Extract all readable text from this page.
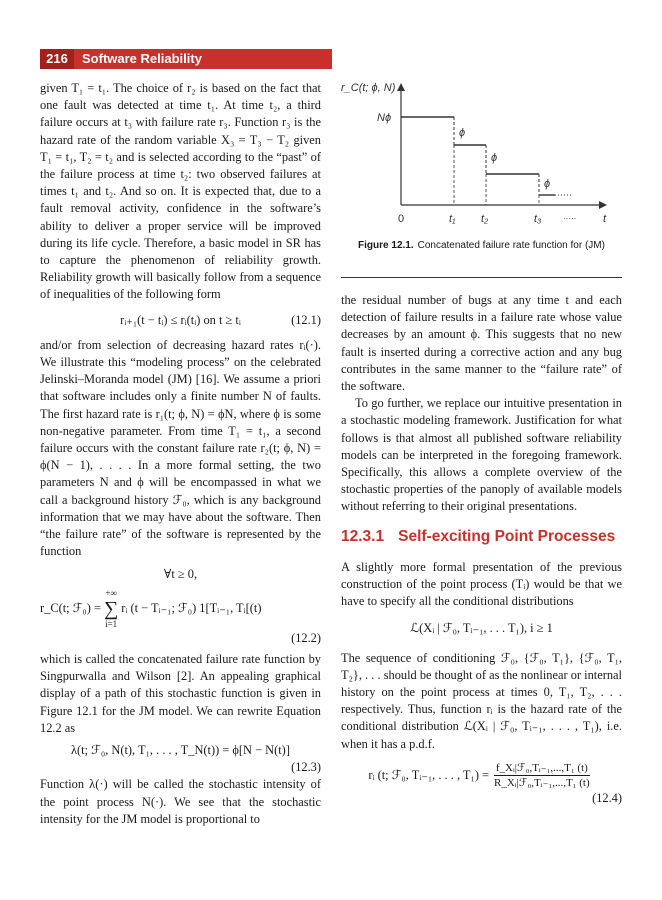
216	Software Reliability
r_C(t; ϕ, N)
Nϕ
ϕ
ϕ
ϕ
0	t₁ t₂	t₃	····· t
Figure 12.1. Concatenated failure rate function for (JM)

given T₁ = t₁. The choice of r₂ is based on the fact that one fault was detected at time t₁. At time t₂, a third failure occurs at t₃ with failure rate r₃. Function r₃ is the hazard rate of the random variable X₃ = T₃ − T₂ given T₁ = t₁, T₂ = t₂ and is selected according to the “past” of the failure process at time t₂: two observed failures at times t₁ and t₂. And so on. It is expected that, due to a fault removal activity, confidence in the software’s ability to deliver a proper service will be improved during its life cycle. Therefore, a basic model in SR has to capture the phenomenon of reliability growth. Reliability growth will basically follow from a sequence of inequalities of the following form

rᵢ₊₁(t − tᵢ) ≤ rᵢ(tᵢ) on t ≥ tᵢ	(12.1)

and/or from selection of decreasing hazard rates rᵢ(·). We illustrate this “modeling process” on the celebrated Jelinski–Moranda model (JM) [16]. We assume a priori that software includes only a finite number N of faults. The first hazard rate is r₁(t; ϕ, N) = ϕN, where ϕ is some non-negative parameter. From time T₁ = t₁, a second failure occurs with the constant failure rate r₂(t; ϕ, N) = ϕ(N − 1), . . . . In a more formal setting, the two parameters N and ϕ will be encompassed in what we call a background history ℱ₀, which is any background information that we may have about the software. Then “the failure rate” of the software is represented by the function

∀t ≥ 0,
r_C(t; ℱ₀) =
+∞
∑
i=1
rᵢ (t − Tᵢ₋₁; ℱ₀) 1[Tᵢ₋₁, Tᵢ[(t)
(12.2)

which is called the concatenated failure rate function by Singpurwalla and Wilson [2]. An appealing graphical display of a path of this stochastic function is given in Figure 12.1 for the JM model. We can rewrite Equation 12.2 as

λ(t; ℱ₀, N(t), T₁, . . . , T_N(t)) = ϕ[N − N(t)]
(12.3)

Function λ(·) will be called the stochastic intensity of the point process N(·). We see that the stochastic intensity for the JM model is proportional to

the residual number of bugs at any time t and each detection of failure results in a failure rate whose value decreases by an amount ϕ. This suggests that no new fault is inserted during a corrective action and any bug contributes in the same manner to the “failure rate” of the software.

To go further, we replace our intuitive presentation in a stochastic modeling framework. Justification for what follows is that almost all published software reliability models can be interpreted in the foregoing framework. Specifically, this allows a complete overview of the stochastic properties of the panoply of available models without referring to their original presentations.

12.3.1 Self-exciting Point Processes

A slightly more formal presentation of the previous construction of the point process (Tᵢ) would be that we have to specify all the conditional distributions

ℒ(Xᵢ | ℱ₀, Tᵢ₋₁, . . . T₁), i ≥ 1

The sequence of conditioning ℱ₀, {ℱ₀, T₁}, {ℱ₀, T₁, T₂}, . . . should be thought of as the nonlinear or internal history on the point process at times 0, T₁, T₂, . . . respectively. Thus, function rᵢ is the hazard rate of the conditional distribution ℒ(Xᵢ | ℱ₀, Tᵢ₋₁, . . . , T₁), i.e. when it has a p.d.f.

rᵢ (t; ℱ₀, Tᵢ₋₁, . . . , $T_1) = \frac{\text{f\_Xᵢ|ℱ₀,Tᵢ₋₁,...,T₁ (t)}}{\text{R\_Xᵢ|ℱ₀,Tᵢ₋₁,...,T₁ (t)}}$
(12.4)
